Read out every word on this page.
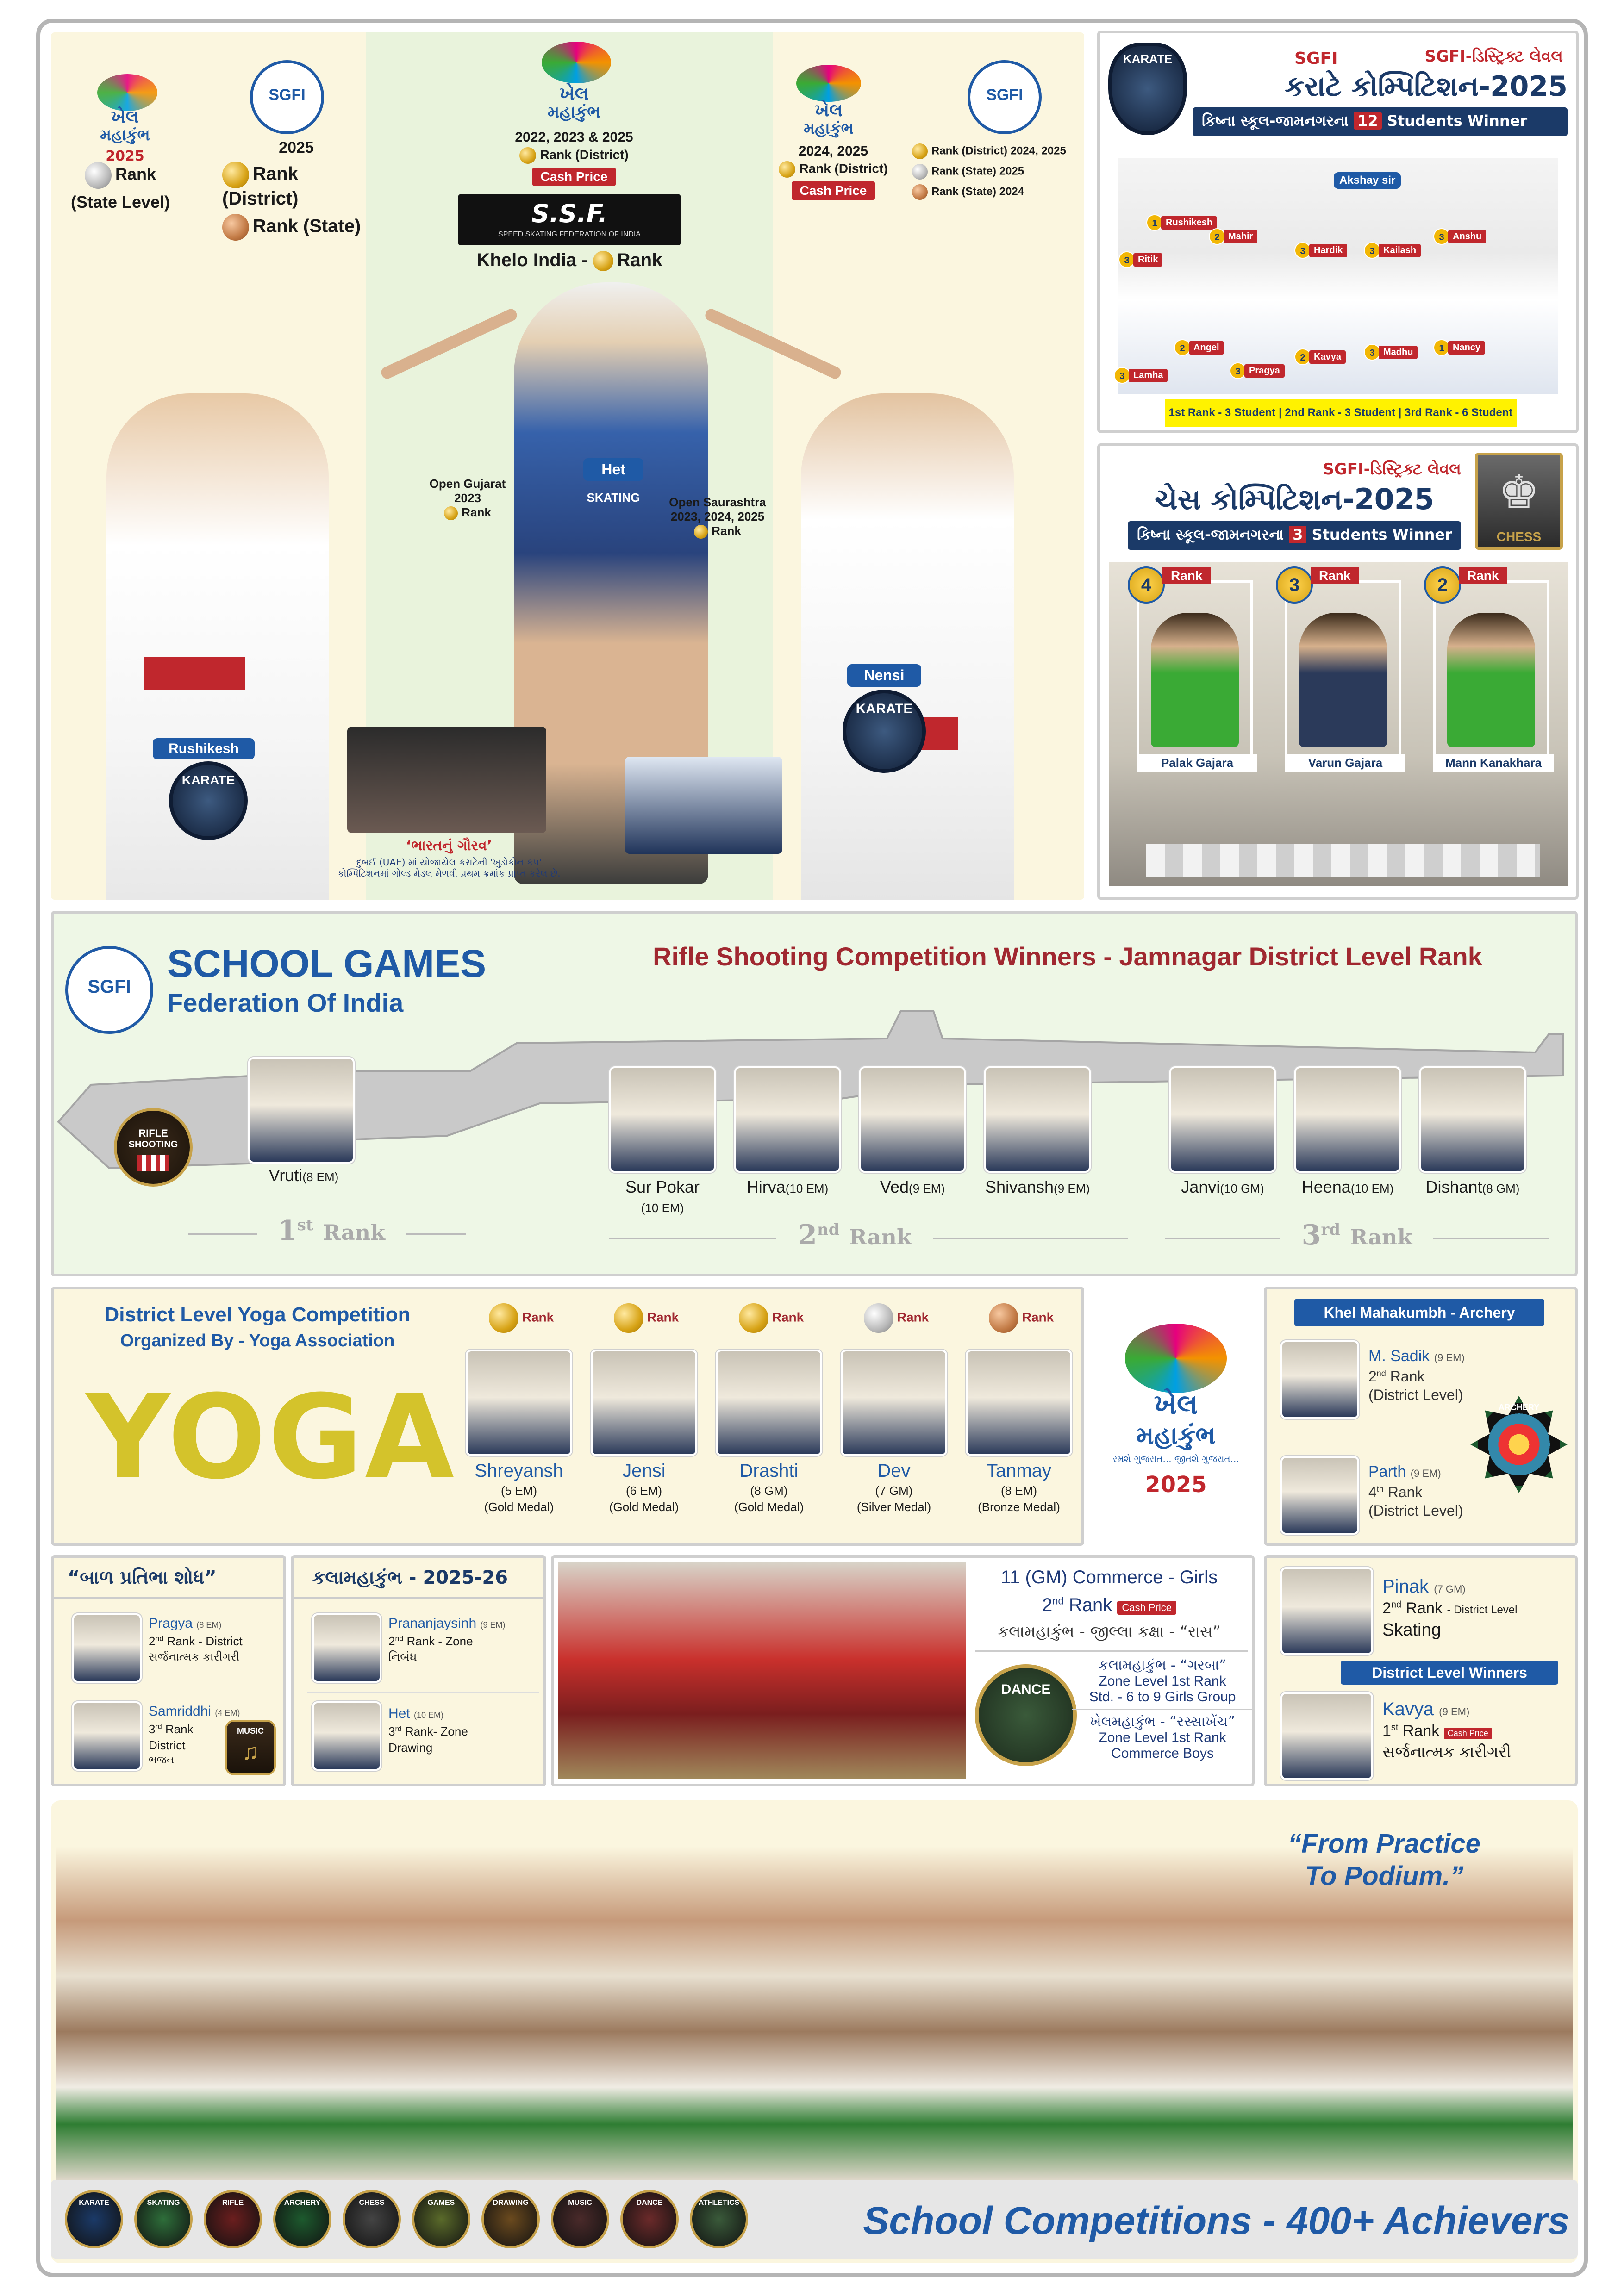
ખેલ
મહાકુંભ
2025
Rank
(State Level)
SGFI
2025
Rank (District)
Rank (State)
ખેલ
મહાકુંભ
2022, 2023 & 2025
Rank (District)
Cash Price
S.S.F.
SPEED SKATING FEDERATION OF INDIA
Khelo India - Rank
ખેલ
મહાકુંભ
2024, 2025
Rank (District)
Cash Price
SGFI
Rank (District) 2024, 2025
Rank (State) 2025
Rank (State) 2024
Rushikesh
KARATE
Het
SKATING
Open Gujarat
2023
Rank
Open Saurashtra
2023, 2024, 2025
Rank
Nensi
KARATE
‘ભારતનું ગૌરવ’
દુબઈ (UAE) માં યોજાયેલ કરાટેની 'ખુડોકોન કપ'
કોમ્પિટિશનમાં ગોલ્ડ મેડલ મેળવી પ્રથમ ક્રમાંક પ્રાપ્ત કરેલ છે.
KARATE	SGFI	SGFI-ડિસ્ટ્રિક્ટ લેવલ
કરાટે કોમ્પિટિશન-2025
કિષ્ના સ્કૂલ-જામનગરના 12 Students Winner
Akshay sir
1 Rushikesh
2 Mahir
3 Ritik
3 Hardik	3 Kailash
3 Anshu
2 Angel
3 Pragya
2 Kavya	3 Madhu	1 Nancy
3 Lamha
1st Rank - 3 Student | 2nd Rank - 3 Student | 3rd Rank - 6 Student
SGFI-ડિસ્ટ્રિક્ટ લેવલ
ચેસ કોમ્પિટિશન-2025
કિષ્ના સ્કૂલ-જામનગરના 3 Students Winner
♚
CHESS
4	Rank
Palak Gajara
3	Rank
Varun Gajara
2	Rank
Mann Kanakhara
SGFI
SCHOOL GAMES
Federation Of India
Rifle Shooting Competition Winners - Jamnagar District Level Rank
RIFLE
SHOOTING
Vruti(8 EM)
Sur Pokar
(10 EM)
Hirva(10 EM)	Ved(9 EM)	Shivansh(9 EM)	Janvi(10 GM)	Heena(10 EM)	Dishant(8 GM)
1st Rank	2nd Rank	3rd Rank
District Level Yoga Competition
Organized By - Yoga Association
YOGA
Rank
Shreyansh
(5 EM)
(Gold Medal)
Rank
Jensi
(6 EM)
(Gold Medal)
Rank
Drashti
(8 GM)
(Gold Medal)
Rank
Dev
(7 GM)
(Silver Medal)
Rank
Tanmay
(8 EM)
(Bronze Medal)
ખેલ
મહાકુંભ
રમશે ગુજરાત... જીતશે ગુજરાત...
2025
Khel Mahakumbh - Archery
M. Sadik (9 EM)
2nd Rank
(District Level)
Parth (9 EM)
4th Rank
(District Level)
ARCHERY
“બાળ પ્રતિભા શોધ”
Pragya (8 EM)
2nd Rank - District
સર્જનાત્મક કારીગરી
Samriddhi (4 EM)
3rd Rank
District
ભજન
MUSIC
♫
કલામહાકુંભ - 2025-26
Prananjaysinh (9 EM)
2nd Rank - Zone
નિબંધ
Het (10 EM)
3rd Rank- Zone
Drawing
11 (GM) Commerce - Girls
2nd Rank Cash Price
કલામહાકુંભ - જીલ્લા કક્ષા - “રાસ”
DANCE
કલામહાકુંભ - “ગરબા”
Zone Level 1st Rank
Std. - 6 to 9 Girls Group
ખેલમહાકુંભ - “રસ્સાખેંચ”
Zone Level 1st Rank
Commerce Boys
Pinak (7 GM)
2nd Rank - District Level
Skating
District Level Winners
Kavya (9 EM)
1st Rank Cash Price
સર્જનાત્મક કારીગરી
“From Practice
To Podium.”
KARATE	SKATING	RIFLE	ARCHERY	CHESS	GAMES	DRAWING	MUSIC	DANCE	ATHLETICS	School Competitions - 400+ Achievers
